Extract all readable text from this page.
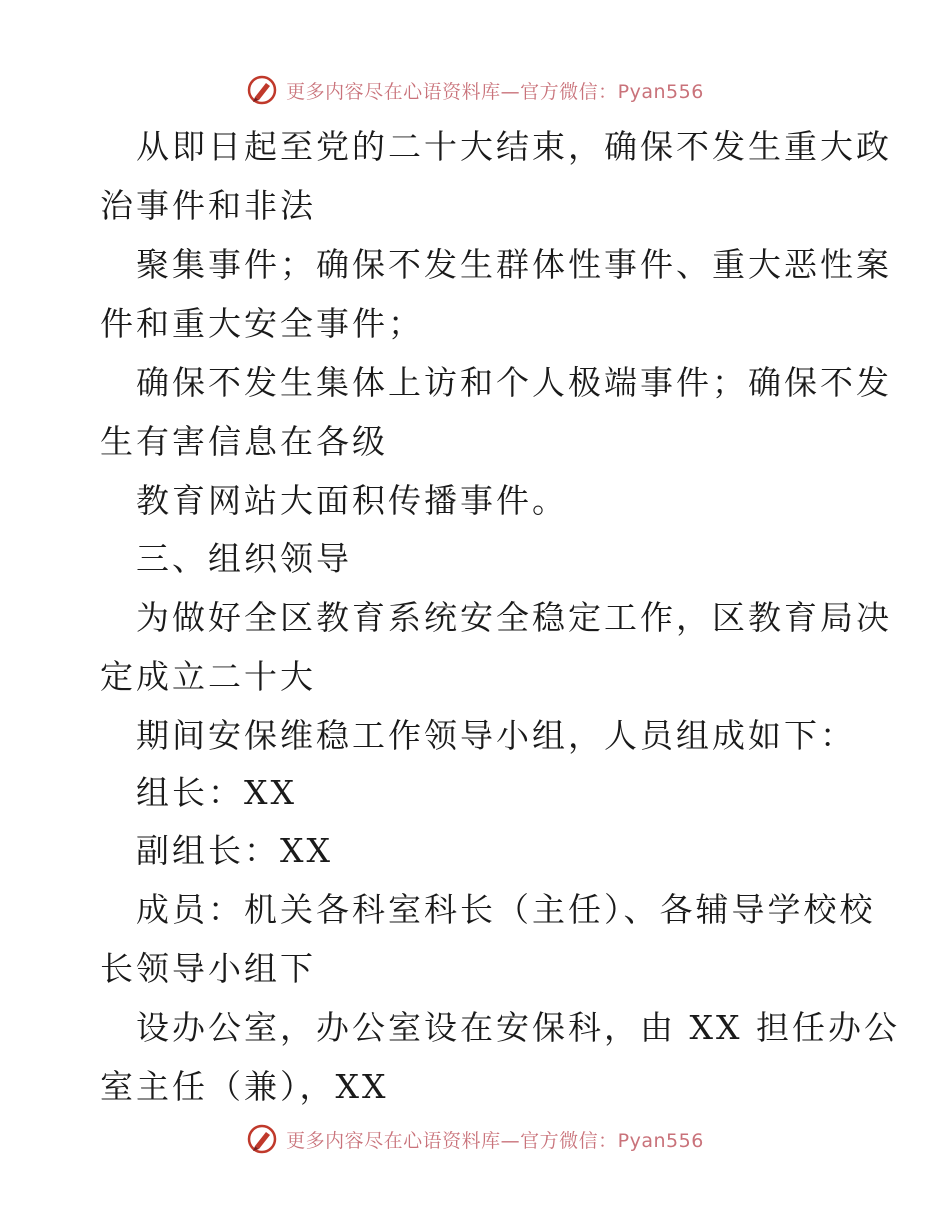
更多内容尽在心语资料库—官方微信：Pyan556
从即日起至党的二十大结束，确保不发生重大政
治事件和非法
聚集事件；确保不发生群体性事件、重大恶性案
件和重大安全事件；
确保不发生集体上访和个人极端事件；确保不发
生有害信息在各级
教育网站大面积传播事件。
三、组织领导
为做好全区教育系统安全稳定工作，区教育局决
定成立二十大
期间安保维稳工作领导小组，人员组成如下：
组长：XX
副组长：XX
成员：机关各科室科长（主任）、各辅导学校校
长领导小组下
设办公室，办公室设在安保科，由 XX 担任办公
室主任（兼），XX
更多内容尽在心语资料库—官方微信：Pyan556
